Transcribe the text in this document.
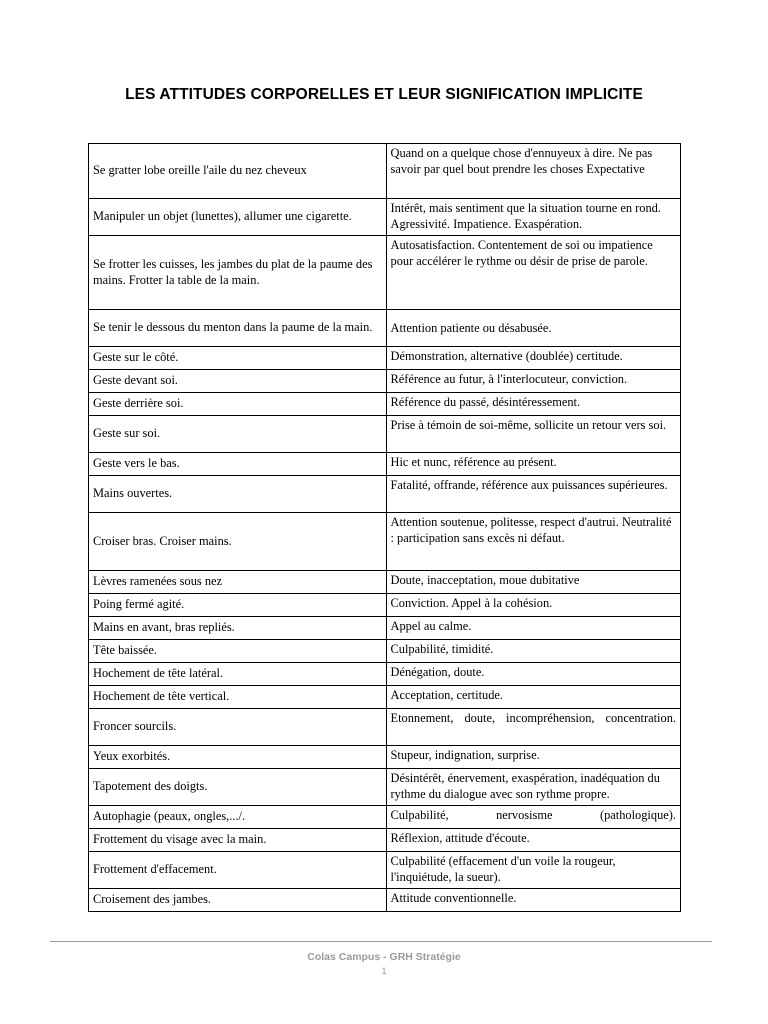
LES ATTITUDES CORPORELLES ET LEUR SIGNIFICATION IMPLICITE
Se gratter lobe oreille l'aile du nez cheveux	Quand on a quelque chose d'ennuyeux à dire. Ne pas savoir par quel bout prendre les choses Expectative
Manipuler un objet (lunettes), allumer une cigarette.	Intérêt, mais sentiment que la situation tourne en rond. Agressivité. Impatience. Exaspération.
Se frotter les cuisses, les jambes du plat de la paume des mains. Frotter la table de la main.	Autosatisfaction. Contentement de soi ou impatience pour accélérer le rythme ou désir de prise de parole.
Se tenir le dessous du menton dans la paume de la main.	Attention patiente ou désabusée.
Geste sur le côté.	Démonstration, alternative (doublée) certitude.
Geste devant soi.	Référence au futur, à l'interlocuteur, conviction.
Geste derrière soi.	Référence du passé, désintéressement.
Geste sur soi.	Prise à témoin de soi-même, sollicite un retour vers soi.
Geste vers le bas.	Hic et nunc, référence au présent.
Mains ouvertes.	Fatalité, offrande, référence aux puissances supérieures.
Croiser bras. Croiser mains.	Attention soutenue, politesse, respect d'autrui. Neutralité : participation sans excès ni défaut.
Lèvres ramenées sous nez	Doute, inacceptation, moue dubitative
Poing fermé agité.	Conviction. Appel à la cohésion.
Mains en avant, bras repliés.	Appel au calme.
Tête baissée.	Culpabilité, timidité.
Hochement de tête latéral.	Dénégation, doute.
Hochement de tête vertical.	Acceptation, certitude.
Froncer sourcils.	Etonnement, doute, incompréhension, concentration.
Yeux exorbités.	Stupeur, indignation, surprise.
Tapotement des doigts.	Désintérêt, énervement, exaspération, inadéquation du rythme du dialogue avec son rythme propre.
Autophagie (peaux, ongles,.../.	Culpabilité, nervosisme (pathologique).
Frottement du visage avec la main.	Réflexion, attitude d'écoute.
Frottement d'effacement.	Culpabilité (effacement d'un voile la rougeur, l'inquiétude, la sueur).
Croisement des jambes.	Attitude conventionnelle.
Colas Campus - GRH Stratégie
1
